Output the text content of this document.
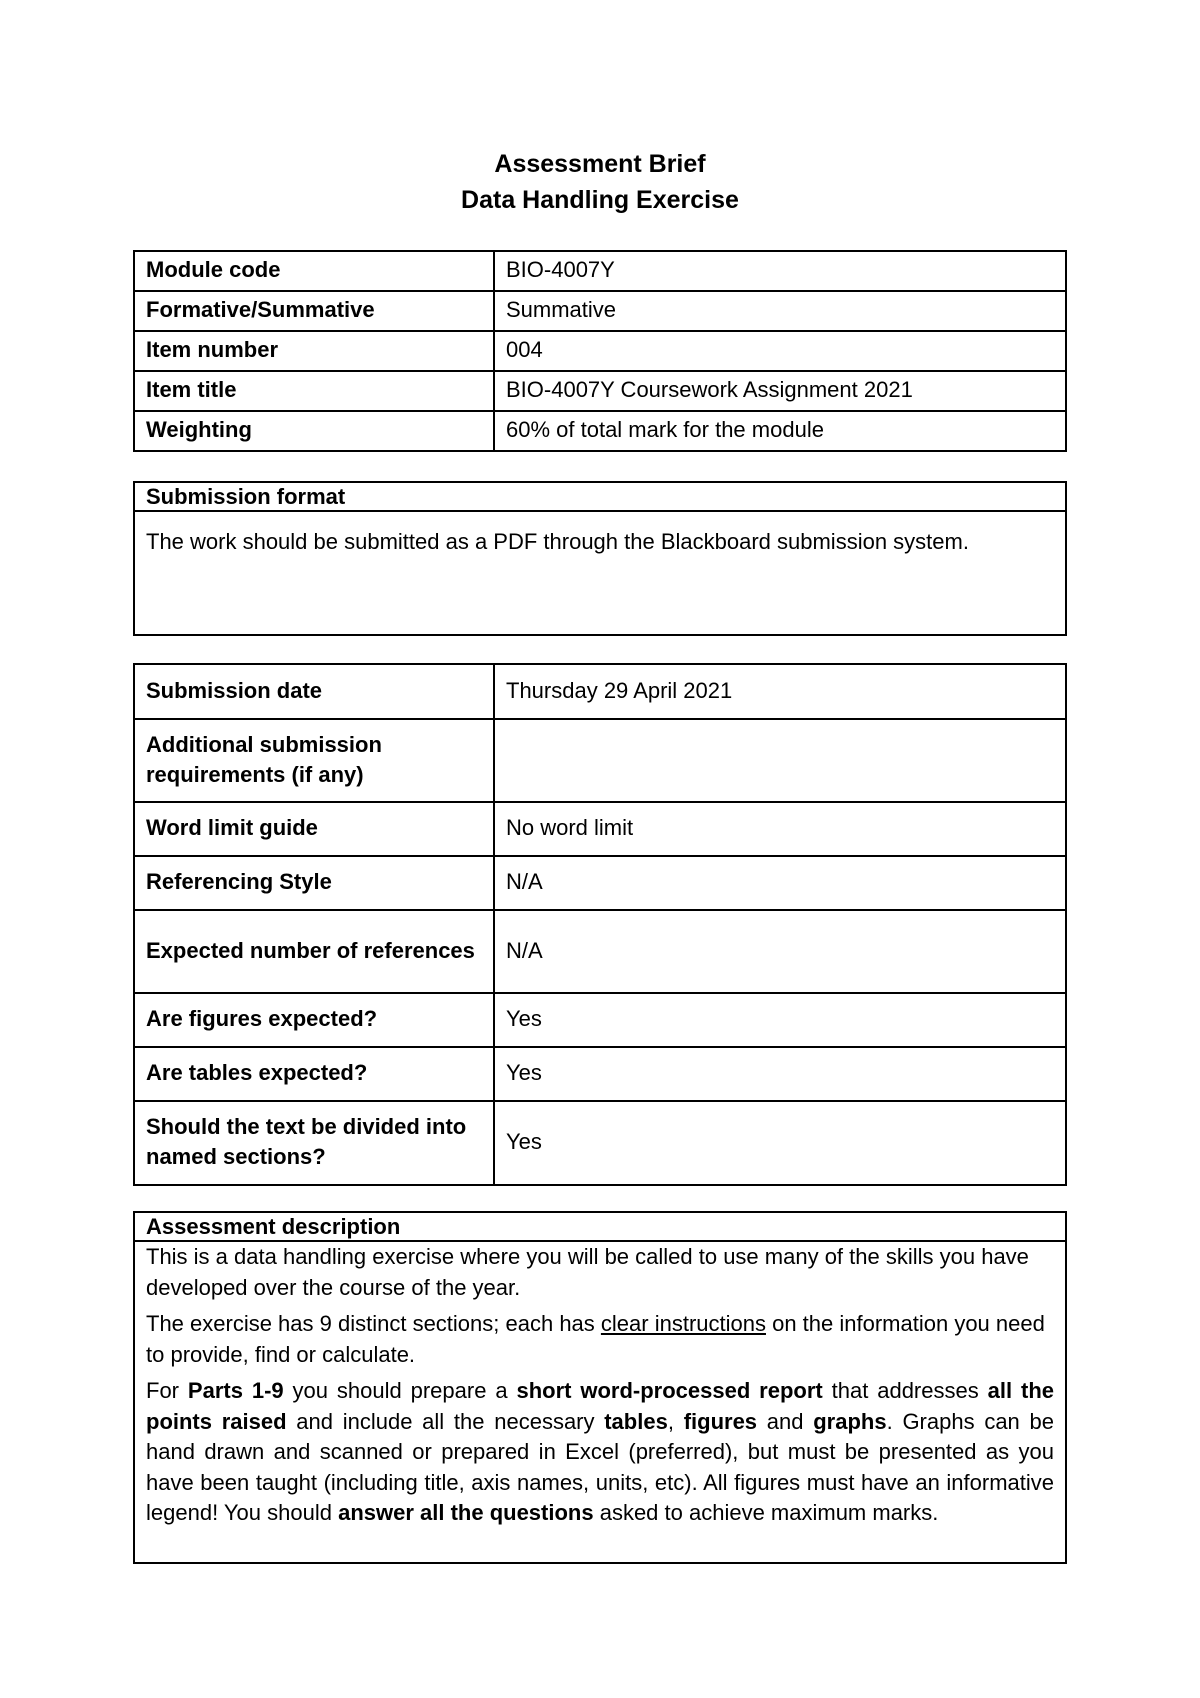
Assessment Brief
Data Handling Exercise
Module code	BIO-4007Y
Formative/Summative	Summative
Item number	004
Item title	BIO-4007Y Coursework Assignment 2021
Weighting	60% of total mark for the module
Submission format
The work should be submitted as a PDF through the Blackboard submission system.
Submission date	Thursday 29 April 2021
Additional submission requirements (if any)	
Word limit guide	No word limit
Referencing Style	N/A
Expected number of references	N/A
Are figures expected?	Yes
Are tables expected?	Yes
Should the text be divided into named sections?	Yes
Assessment description

This is a data handling exercise where you will be called to use many of the skills you have developed over the course of the year.

The exercise has 9 distinct sections; each has clear instructions on the information you need to provide, find or calculate.

For Parts 1-9 you should prepare a short word-processed report that addresses all the points raised and include all the necessary tables, figures and graphs. Graphs can be hand drawn and scanned or prepared in Excel (preferred), but must be presented as you have been taught (including title, axis names, units, etc). All figures must have an informative legend! You should answer all the questions asked to achieve maximum marks.
